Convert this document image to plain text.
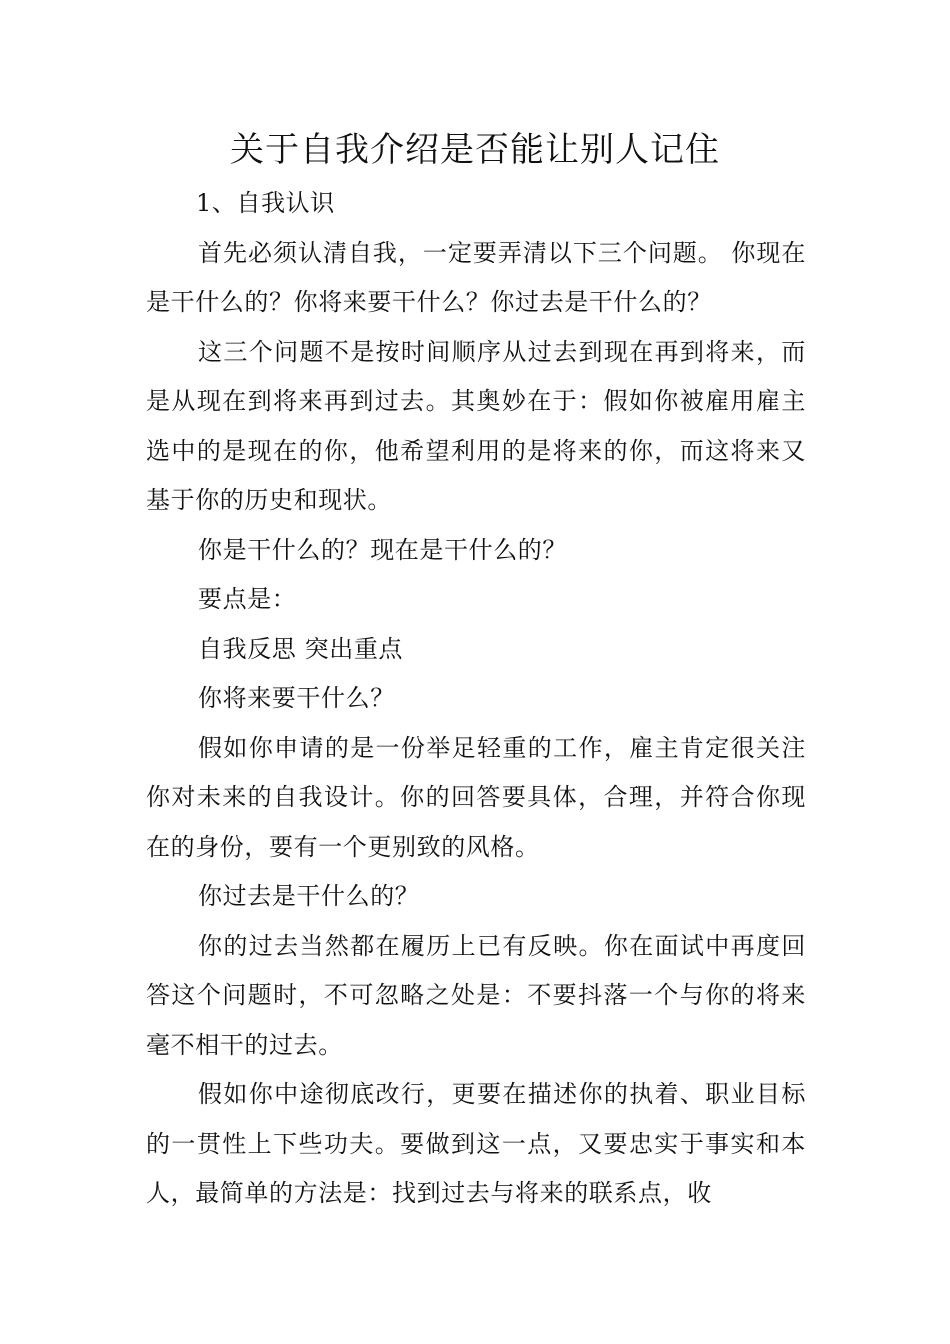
关于自我介绍是否能让别人记住

1、自我认识

首先必须认清自我，一定要弄清以下三个问题。 你现在是干什么的？你将来要干什么？你过去是干什么的？

这三个问题不是按时间顺序从过去到现在再到将来，而是从现在到将来再到过去。其奥妙在于：假如你被雇用雇主选中的是现在的你，他希望利用的是将来的你，而这将来又基于你的历史和现状。

你是干什么的？现在是干什么的？

要点是：

自我反思 突出重点

你将来要干什么？

假如你申请的是一份举足轻重的工作，雇主肯定很关注你对未来的自我设计。你的回答要具体，合理，并符合你现在的身份，要有一个更别致的风格。

你过去是干什么的？

你的过去当然都在履历上已有反映。你在面试中再度回答这个问题时，不可忽略之处是：不要抖落一个与你的将来毫不相干的过去。

假如你中途彻底改行，更要在描述你的执着、职业目标的一贯性上下些功夫。要做到这一点，又要忠实于事实和本人，最简单的方法是：找到过去与将来的联系点，收
